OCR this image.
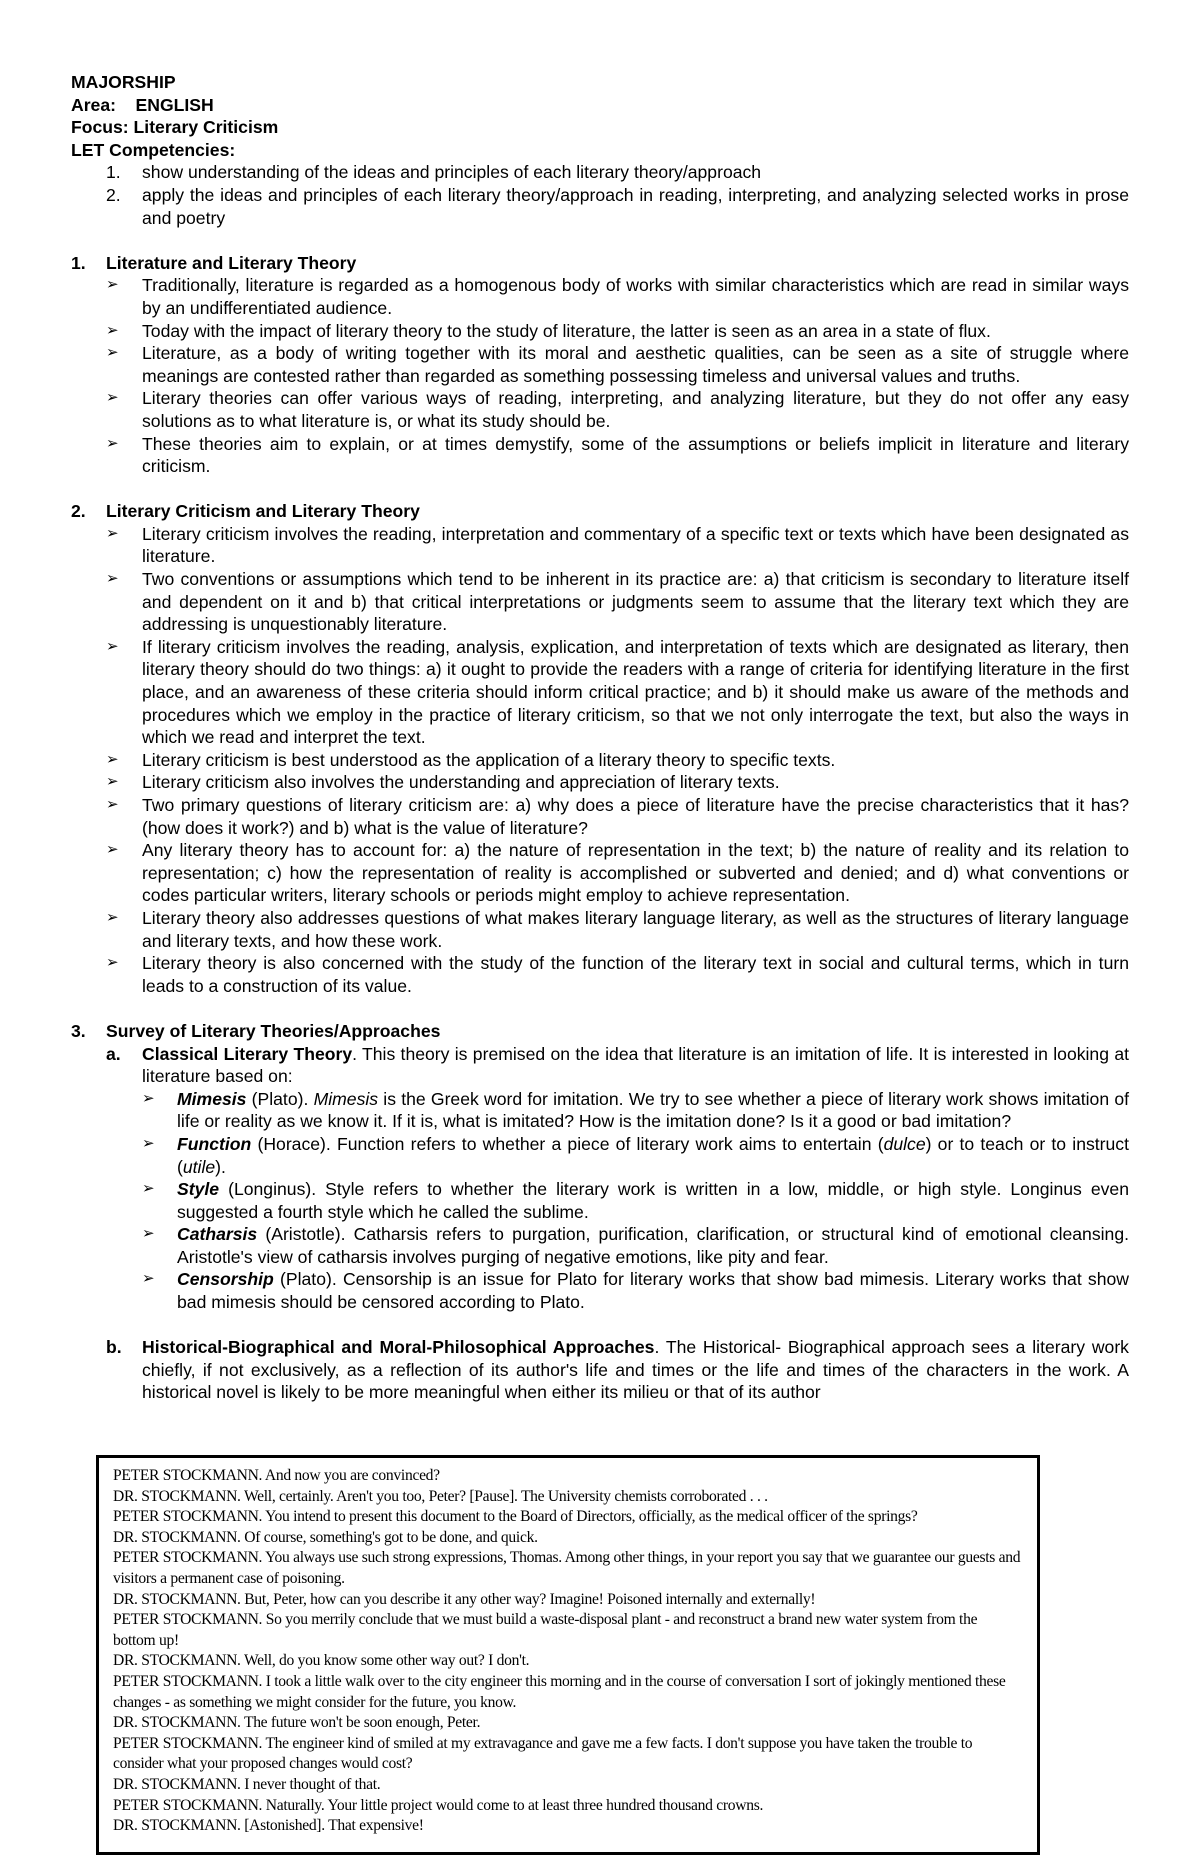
MAJORSHIP
Area:    ENGLISH
Focus: Literary Criticism
LET Competencies:
1. show understanding of the ideas and principles of each literary theory/approach
2. apply the ideas and principles of each literary theory/approach in reading, interpreting, and analyzing selected works in prose and poetry
1. Literature and Literary Theory
➢ Traditionally, literature is regarded as a homogenous body of works with similar characteristics which are read in similar ways by an undifferentiated audience.
➢ Today with the impact of literary theory to the study of literature, the latter is seen as an area in a state of flux.
➢ Literature, as a body of writing together with its moral and aesthetic qualities, can be seen as a site of struggle where meanings are contested rather than regarded as something possessing timeless and universal values and truths.
➢ Literary theories can offer various ways of reading, interpreting, and analyzing literature, but they do not offer any easy solutions as to what literature is, or what its study should be.
➢ These theories aim to explain, or at times demystify, some of the assumptions or beliefs implicit in literature and literary criticism.
2. Literary Criticism and Literary Theory
➢ Literary criticism involves the reading, interpretation and commentary of a specific text or texts which have been designated as literature.
➢ Two conventions or assumptions which tend to be inherent in its practice are: a) that criticism is secondary to literature itself and dependent on it and b) that critical interpretations or judgments seem to assume that the literary text which they are addressing is unquestionably literature.
➢ If literary criticism involves the reading, analysis, explication, and interpretation of texts which are designated as literary, then literary theory should do two things: a) it ought to provide the readers with a range of criteria for identifying literature in the first place, and an awareness of these criteria should inform critical practice; and b) it should make us aware of the methods and procedures which we employ in the practice of literary criticism, so that we not only interrogate the text, but also the ways in which we read and interpret the text.
➢ Literary criticism is best understood as the application of a literary theory to specific texts.
➢ Literary criticism also involves the understanding and appreciation of literary texts.
➢ Two primary questions of literary criticism are: a) why does a piece of literature have the precise characteristics that it has? (how does it work?) and b) what is the value of literature?
➢ Any literary theory has to account for: a) the nature of representation in the text; b) the nature of reality and its relation to representation; c) how the representation of reality is accomplished or subverted and denied; and d) what conventions or codes particular writers, literary schools or periods might employ to achieve representation.
➢ Literary theory also addresses questions of what makes literary language literary, as well as the structures of literary language and literary texts, and how these work.
➢ Literary theory is also concerned with the study of the function of the literary text in social and cultural terms, which in turn leads to a construction of its value.
3. Survey of Literary Theories/Approaches
a. Classical Literary Theory. This theory is premised on the idea that literature is an imitation of life. It is interested in looking at literature based on:
➢ Mimesis (Plato). Mimesis is the Greek word for imitation. We try to see whether a piece of literary work shows imitation of life or reality as we know it. If it is, what is imitated? How is the imitation done? Is it a good or bad imitation?
➢ Function (Horace). Function refers to whether a piece of literary work aims to entertain (dulce) or to teach or to instruct (utile).
➢ Style (Longinus). Style refers to whether the literary work is written in a low, middle, or high style. Longinus even suggested a fourth style which he called the sublime.
➢ Catharsis (Aristotle). Catharsis refers to purgation, purification, clarification, or structural kind of emotional cleansing. Aristotle's view of catharsis involves purging of negative emotions, like pity and fear.
➢ Censorship (Plato). Censorship is an issue for Plato for literary works that show bad mimesis. Literary works that show bad mimesis should be censored according to Plato.
b. Historical-Biographical and Moral-Philosophical Approaches. The Historical- Biographical approach sees a literary work chiefly, if not exclusively, as a reflection of its author's life and times or the life and times of the characters in the work. A historical novel is likely to be more meaningful when either its milieu or that of its author

PETER STOCKMANN. And now you are convinced?

DR. STOCKMANN. Well, certainly. Aren't you too, Peter? [Pause]. The University chemists corroborated . . .

PETER STOCKMANN. You intend to present this document to the Board of Directors, officially, as the medical officer of the springs?

DR. STOCKMANN. Of course, something's got to be done, and quick.

PETER STOCKMANN. You always use such strong expressions, Thomas. Among other things, in your report you say that we guarantee our guests and visitors a permanent case of poisoning.

DR. STOCKMANN. But, Peter, how can you describe it any other way? Imagine! Poisoned internally and externally!

PETER STOCKMANN. So you merrily conclude that we must build a waste-disposal plant - and reconstruct a brand new water system from the bottom up!

DR. STOCKMANN. Well, do you know some other way out? I don't.

PETER STOCKMANN. I took a little walk over to the city engineer this morning and in the course of conversation I sort of jokingly mentioned these changes - as something we might consider for the future, you know.

DR. STOCKMANN. The future won't be soon enough, Peter.

PETER STOCKMANN. The engineer kind of smiled at my extravagance and gave me a few facts. I don't suppose you have taken the trouble to consider what your proposed changes would cost?

DR. STOCKMANN. I never thought of that.

PETER STOCKMANN. Naturally. Your little project would come to at least three hundred thousand crowns.

DR. STOCKMANN. [Astonished]. That expensive!
